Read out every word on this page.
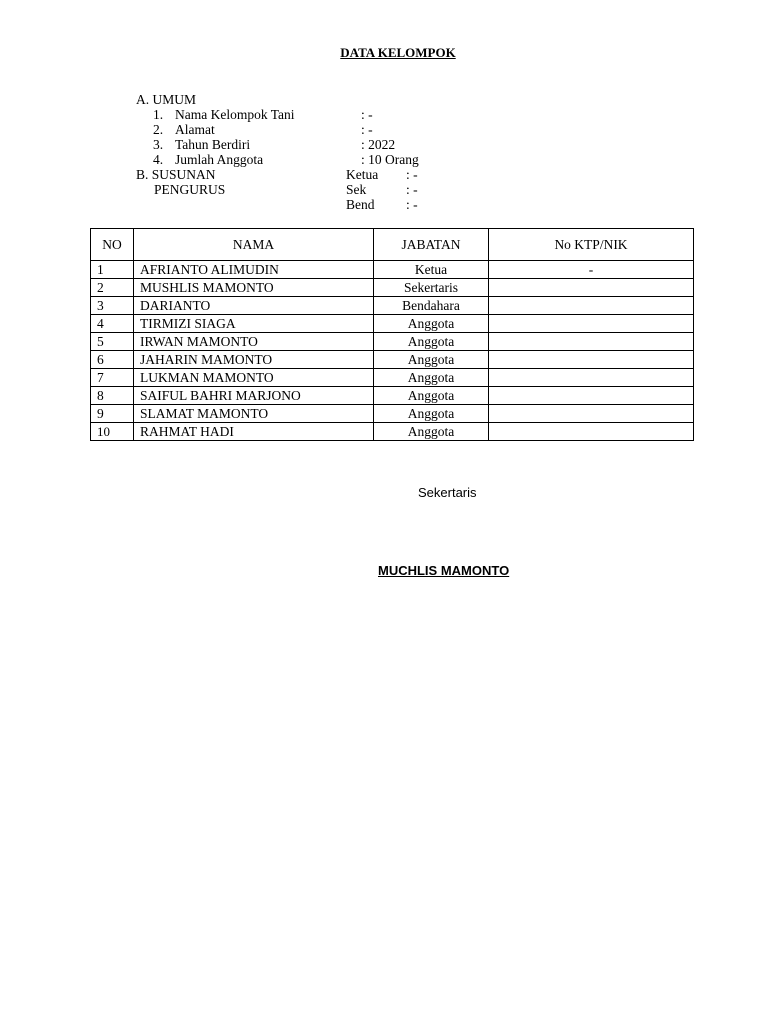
DATA KELOMPOK
A. UMUM
1. Nama Kelompok Tani	: -
2. Alamat	: -
3. Tahun Berdiri	: 2022
4. Jumlah Anggota	: 10 Orang
B. SUSUNAN
PENGURUS
Ketua : -
Sek	: -
Bend : -
NO	NAMA	JABATAN	No KTP/NIK
1	AFRIANTO ALIMUDIN	Ketua	-
2	MUSHLIS MAMONTO	Sekertaris	
3	DARIANTO	Bendahara	
4	TIRMIZI SIAGA	Anggota	
5	IRWAN MAMONTO	Anggota	
6	JAHARIN MAMONTO	Anggota	
7	LUKMAN MAMONTO	Anggota	
8	SAIFUL BAHRI MARJONO	Anggota	
9	SLAMAT MAMONTO	Anggota	
10	RAHMAT HADI	Anggota	
Sekertaris
MUCHLIS MAMONTO
